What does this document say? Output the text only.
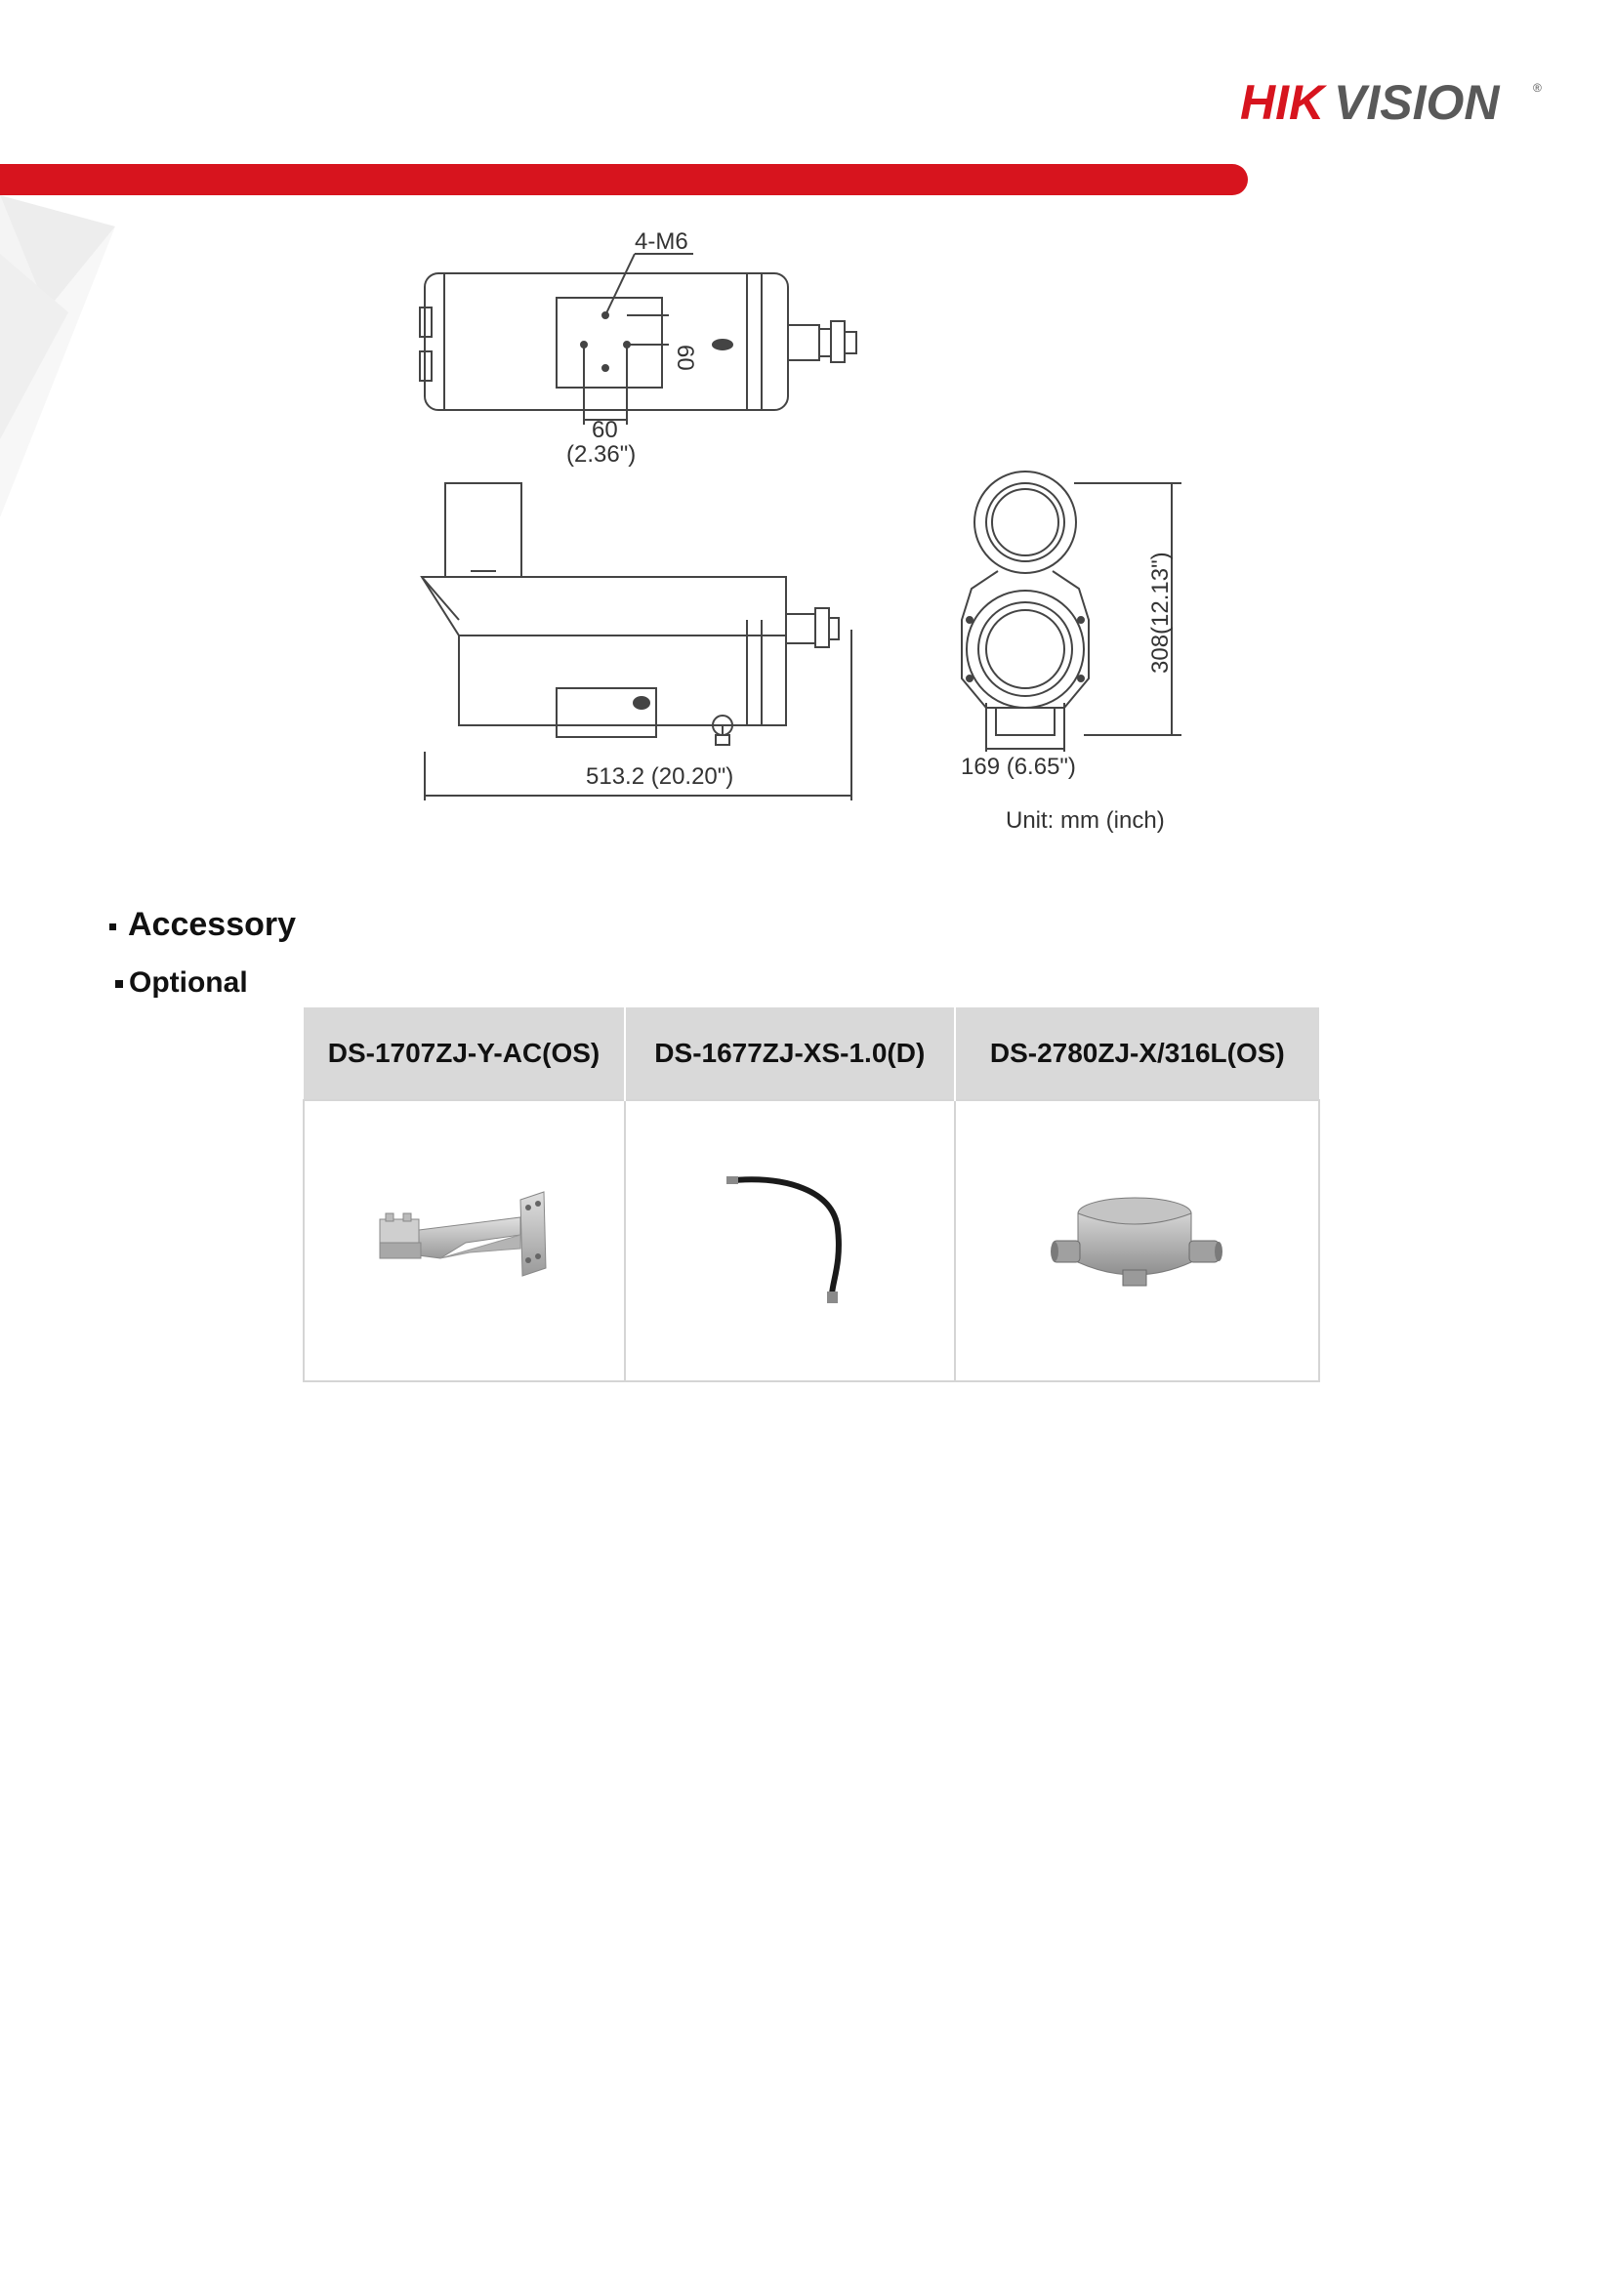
HIK VISION	®
4-M6
60
60
(2.36")
513.2 (20.20")	169 (6.65")
308(12.13")
Unit: mm (inch)
Accessory
Optional
DS-1707ZJ-Y-AC(OS)	DS-1677ZJ-XS-1.0(D)	DS-2780ZJ-X/316L(OS)
